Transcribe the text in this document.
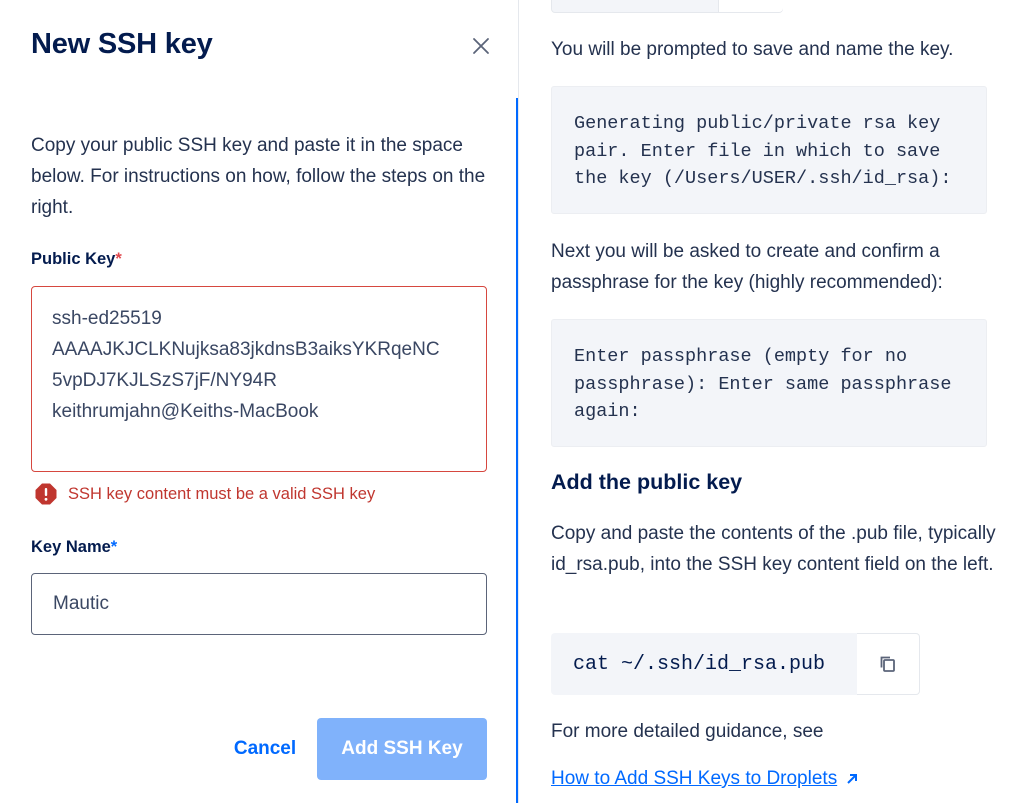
New SSH key

Copy your public SSH key and paste it in the space below. For instructions on how, follow the steps on the right.

Public Key*
ssh-ed25519
AAAAJKJCLKNujksa83jkdnsB3aiksYKRqeNC
5vpDJ7KJLSzS7jF/NY94R
keithrumjahn@Keiths-MacBook
SSH key content must be a valid SSH key
Key Name*
Mautic
Cancel	Add SSH Key

You will be prompted to save and name the key.

Generating public/private rsa key
pair. Enter file in which to save
the key (/Users/USER/.ssh/id_rsa):

Next you will be asked to create and confirm a passphrase for the key (highly recommended):

Enter passphrase (empty for no
passphrase): Enter same passphrase
again:
Add the public key

Copy and paste the contents of the .pub file, typically id_rsa.pub, into the SSH key content field on the left.

cat ~/.ssh/id_rsa.pub

For more detailed guidance, see

How to Add SSH Keys to Droplets
